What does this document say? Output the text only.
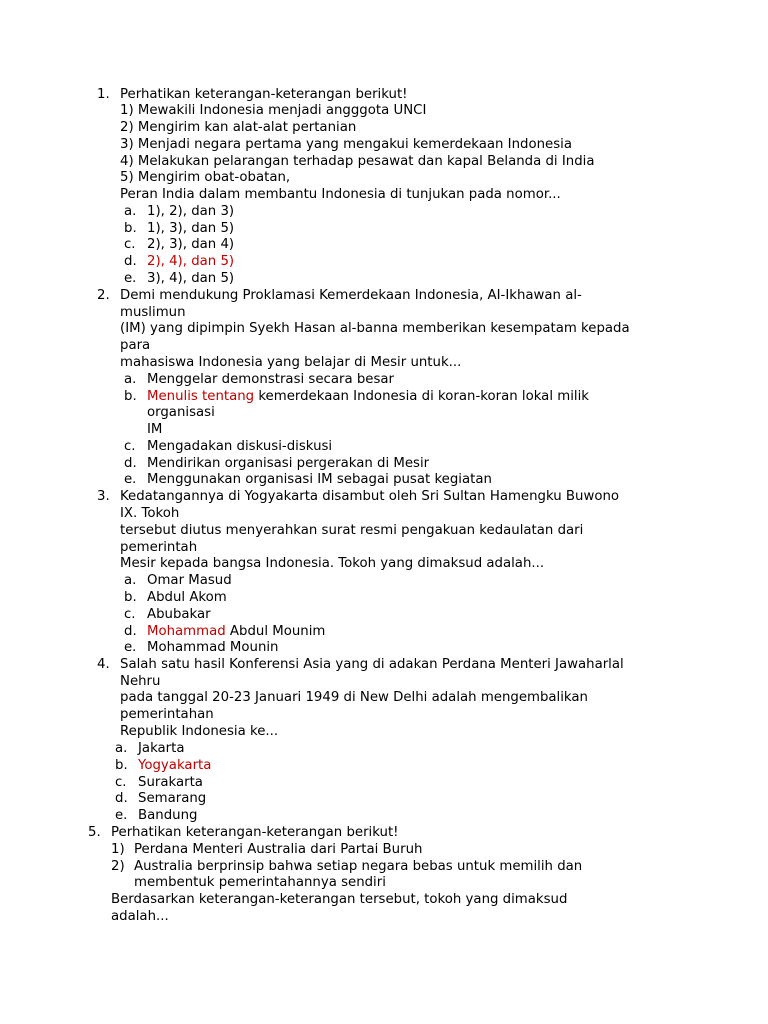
1. Perhatikan keterangan-keterangan berikut!
1) Mewakili Indonesia menjadi angggota UNCI
2) Mengirim kan alat-alat pertanian
3) Menjadi negara pertama yang mengakui kemerdekaan Indonesia
4) Melakukan pelarangan terhadap pesawat dan kapal Belanda di India
5) Mengirim obat-obatan,
Peran India dalam membantu Indonesia di tunjukan pada nomor...
a. 1), 2), dan 3)
b. 1), 3), dan 5)
c. 2), 3), dan 4)
d. 2), 4), dan 5)
e. 3), 4), dan 5)
2. Demi mendukung Proklamasi Kemerdekaan Indonesia, AI-Ikhawan al-
muslimun
(IM) yang dipimpin Syekh Hasan al-banna memberikan kesempatam kepada
para
mahasiswa Indonesia yang belajar di Mesir untuk...
a. Menggelar demonstrasi secara besar
b. Menulis tentang kemerdekaan Indonesia di koran-koran lokal milik
organisasi
IM
c. Mengadakan diskusi-diskusi
d. Mendirikan organisasi pergerakan di Mesir
e. Menggunakan organisasi IM sebagai pusat kegiatan
3. Kedatangannya di Yogyakarta disambut oleh Sri Sultan Hamengku Buwono
IX. Tokoh
tersebut diutus menyerahkan surat resmi pengakuan kedaulatan dari
pemerintah
Mesir kepada bangsa Indonesia. Tokoh yang dimaksud adalah...
a. Omar Masud
b. Abdul Akom
c. Abubakar
d. Mohammad Abdul Mounim
e. Mohammad Mounin
4. Salah satu hasil Konferensi Asia yang di adakan Perdana Menteri Jawaharlal
Nehru
pada tanggal 20-23 Januari 1949 di New Delhi adalah mengembalikan
pemerintahan
Republik Indonesia ke...
a. Jakarta
b. Yogyakarta
c. Surakarta
d. Semarang
e. Bandung
5. Perhatikan keterangan-keterangan berikut!
1) Perdana Menteri Australia dari Partai Buruh
2) Australia berprinsip bahwa setiap negara bebas untuk memilih dan
membentuk pemerintahannya sendiri
Berdasarkan keterangan-keterangan tersebut, tokoh yang dimaksud
adalah...
